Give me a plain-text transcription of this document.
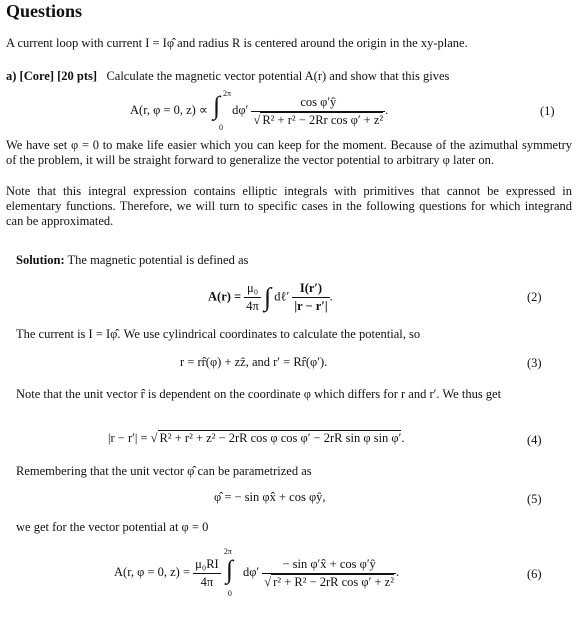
Questions
A current loop with current I = Iφ̂ and radius R is centered around the origin in the xy-plane.
a) [Core] [20 pts] Calculate the magnetic vector potential A(r) and show that this gives
A(r, φ = 0, z) ∝ ∫ 2π
0
$d\varphi' \frac{\text{cos φ′ŷ}}{\text{√ R² + r² − 2Rr cos φ′ + z²}}$ .	(1)
We have set φ = 0 to make life easier which you can keep for the moment. Because of the azimuthal symmetry of the problem, it will be straight forward to generalize the vector potential to arbitrary φ later on.
Note that this integral expression contains elliptic integrals with primitives that cannot be expressed in elementary functions. Therefore, we will turn to specific cases in the following questions for which integrand can be approximated.
Solution: The magnetic potential is defined as
$A(r) = \frac{\text{μ₀}}{4\pi}$ ∫ dℓ′ $\frac{I(r')}{|r - r'|}$ .	(2)
The current is I = Iφ̂. We use cylindrical coordinates to calculate the potential, so
r = rr̂(φ) + zẑ, and r′ = Rr̂(φ′).	(3)
Note that the unit vector r̂ is dependent on the coordinate φ which differs for r and r′. We thus get
|r − r′| = √ R² + r² + z² − 2rR cos φ cos φ′ − 2rR sin φ sin φ′.	(4)
Remembering that the unit vector φ̂ can be parametrized as
φ̂ = − sin φx̂ + cos φŷ,	(5)
we get for the vector potential at φ = 0
A(r, φ = 0, $z) = \frac{\text{μ₀RI}}{4\pi}$

2π
∫
0
$d\varphi' \frac{\text{− sin φ′x̂ + cos φ′ŷ}}{\text{√ r² + R² − 2rR cos φ′ + z²}}$ .	(6)
